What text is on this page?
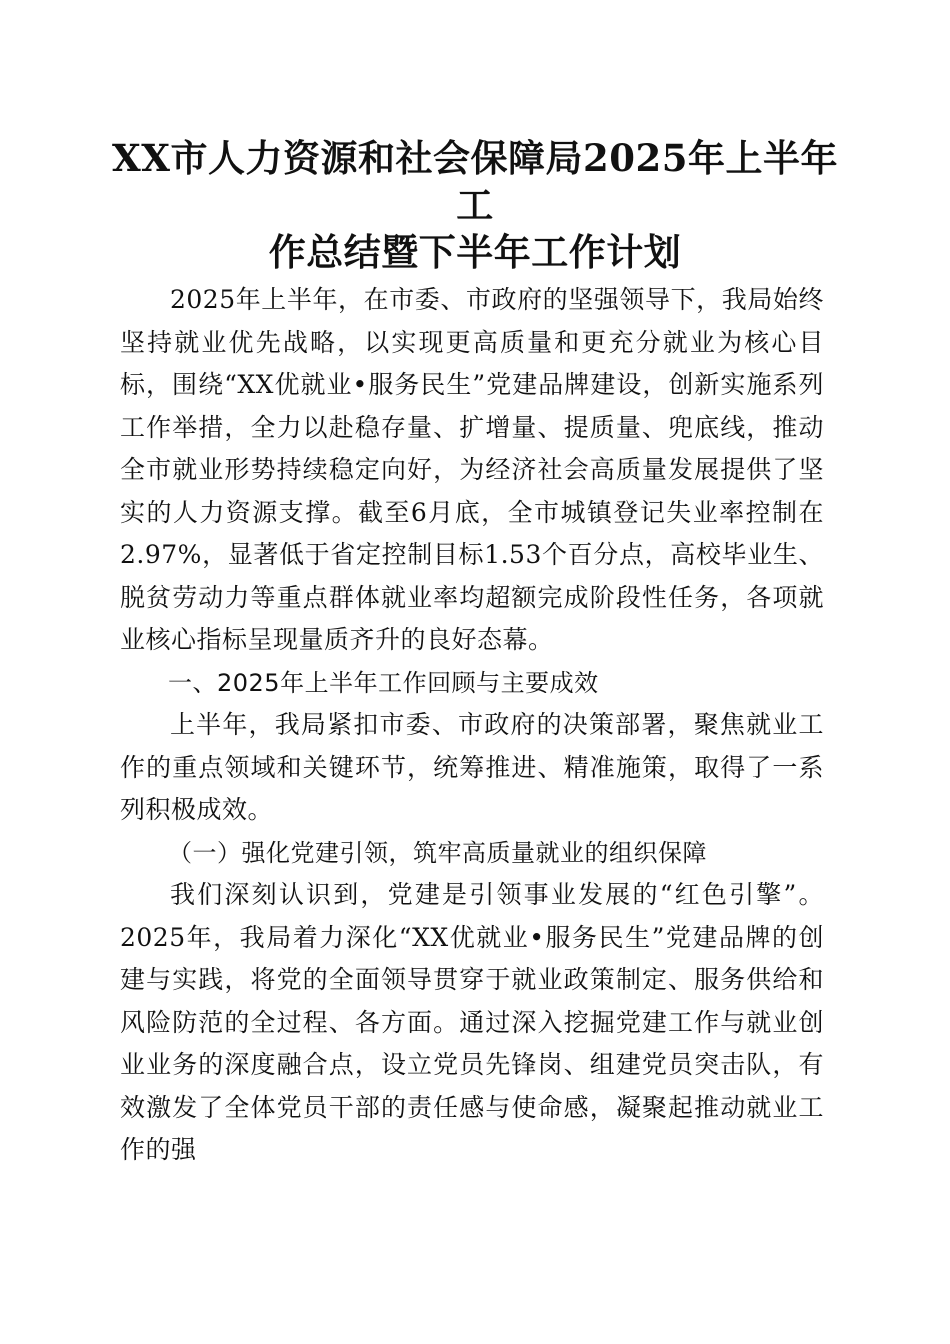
XX市人力资源和社会保障局2025年上半年工
作总结暨下半年工作计划

2025年上半年，在市委、市政府的坚强领导下，我局始终坚持就业优先战略，以实现更高质量和更充分就业为核心目标，围绕“XX优就业•服务民生”党建品牌建设，创新实施系列工作举措，全力以赴稳存量、扩增量、提质量、兜底线，推动全市就业形势持续稳定向好，为经济社会高质量发展提供了坚实的人力资源支撑。截至6月底，全市城镇登记失业率控制在2.97%，显著低于省定控制目标1.53个百分点，高校毕业生、脱贫劳动力等重点群体就业率均超额完成阶段性任务，各项就业核心指标呈现量质齐升的良好态幕。

一、2025年上半年工作回顾与主要成效

上半年，我局紧扣市委、市政府的决策部署，聚焦就业工作的重点领域和关键环节，统筹推进、精准施策，取得了一系列积极成效。

（一）强化党建引领，筑牢高质量就业的组织保障

我们深刻认识到，党建是引领事业发展的“红色引擎”。2025年，我局着力深化“XX优就业•服务民生”党建品牌的创建与实践，将党的全面领导贯穿于就业政策制定、服务供给和风险防范的全过程、各方面。通过深入挖掘党建工作与就业创业业务的深度融合点，设立党员先锋岗、组建党员突击队，有效激发了全体党员干部的责任感与使命感，凝聚起推动就业工作的强
